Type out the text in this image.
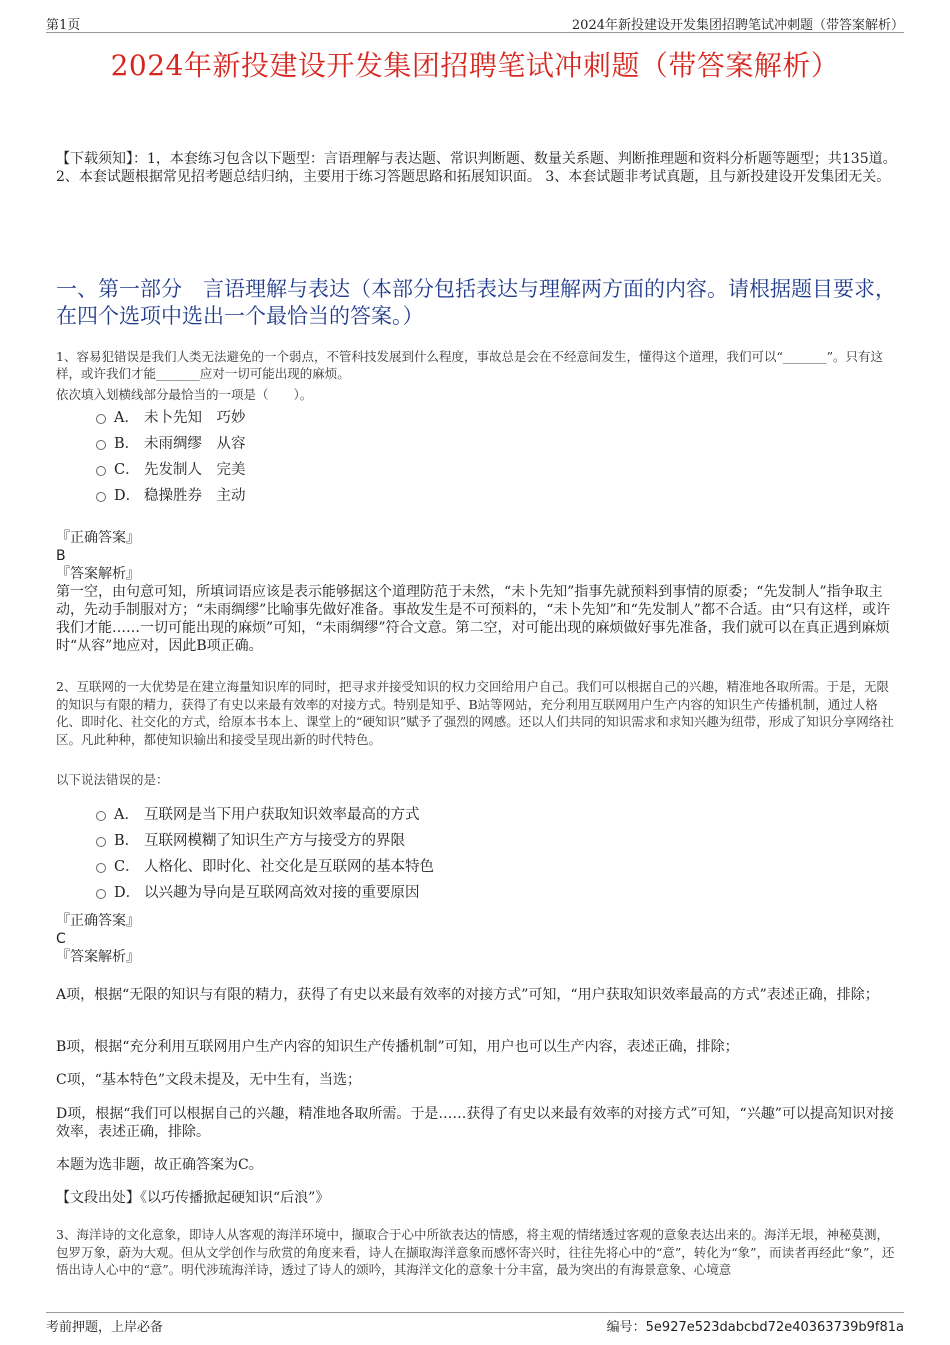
第1页	2024年新投建设开发集团招聘笔试冲刺题（带答案解析）
2024年新投建设开发集团招聘笔试冲刺题（带答案解析）
【下载须知】：1，本套练习包含以下题型：言语理解与表达题、常识判断题、数量关系题、判断推理题和资料分析题等题型；共135道。 2、本套试题根据常见招考题总结归纳，主要用于练习答题思路和拓展知识面。 3、本套试题非考试真题，且与新投建设开发集团无关。
一、第一部分　言语理解与表达（本部分包括表达与理解两方面的内容。请根据题目要求，在四个选项中选出一个最恰当的答案。）
1、容易犯错误是我们人类无法避免的一个弱点，不管科技发展到什么程度，事故总是会在不经意间发生，懂得这个道理，我们可以“_______”。只有这样，或许我们才能_______应对一切可能出现的麻烦。
依次填入划横线部分最恰当的一项是（　　）。
A． 未卜先知　巧妙
B． 未雨绸缪　从容
C． 先发制人　完美
D． 稳操胜券　主动

『正确答案』

B

『答案解析』

第一空，由句意可知，所填词语应该是表示能够据这个道理防范于未然，“未卜先知”指事先就预料到事情的原委；“先发制人”指争取主动，先动手制服对方；“未雨绸缪”比喻事先做好准备。事故发生是不可预料的，“未卜先知”和“先发制人”都不合适。由“只有这样，或许我们才能……一切可能出现的麻烦”可知，“未雨绸缪”符合文意。第二空，对可能出现的麻烦做好事先准备，我们就可以在真正遇到麻烦时“从容”地应对，因此B项正确。

2、互联网的一大优势是在建立海量知识库的同时，把寻求并接受知识的权力交回给用户自己。我们可以根据自己的兴趣，精准地各取所需。于是，无限的知识与有限的精力，获得了有史以来最有效率的对接方式。特别是知乎、B站等网站，充分利用互联网用户生产内容的知识生产传播机制，通过人格化、即时化、社交化的方式，给原本书本上、课堂上的“硬知识”赋予了强烈的网感。还以人们共同的知识需求和求知兴趣为纽带，形成了知识分享网络社区。凡此种种，都使知识输出和接受呈现出新的时代特色。
以下说法错误的是：
A． 互联网是当下用户获取知识效率最高的方式
B． 互联网模糊了知识生产方与接受方的界限
C． 人格化、即时化、社交化是互联网的基本特色
D． 以兴趣为导向是互联网高效对接的重要原因

『正确答案』

C

『答案解析』

A项，根据“无限的知识与有限的精力，获得了有史以来最有效率的对接方式”可知，“用户获取知识效率最高的方式”表述正确，排除；
B项，根据“充分利用互联网用户生产内容的知识生产传播机制”可知，用户也可以生产内容，表述正确，排除；
C项，“基本特色”文段未提及，无中生有，当选；
D项，根据“我们可以根据自己的兴趣，精准地各取所需。于是……获得了有史以来最有效率的对接方式”可知，“兴趣”可以提高知识对接效率，表述正确，排除。
本题为选非题，故正确答案为C。
【文段出处】《以巧传播掀起硬知识“后浪”》
3、海洋诗的文化意象，即诗人从客观的海洋环境中，撷取合于心中所欲表达的情感，将主观的情绪透过客观的意象表达出来的。海洋无垠，神秘莫测，包罗万象，蔚为大观。但从文学创作与欣赏的角度来看，诗人在撷取海洋意象而感怀寄兴时，往往先将心中的“意”，转化为“象”，而读者再经此“象”，还悟出诗人心中的“意”。明代涉琉海洋诗，透过了诗人的颂吟，其海洋文化的意象十分丰富，最为突出的有海景意象、心境意
考前押题，上岸必备	编号：5e927e523dabcbd72e40363739b9f81a
